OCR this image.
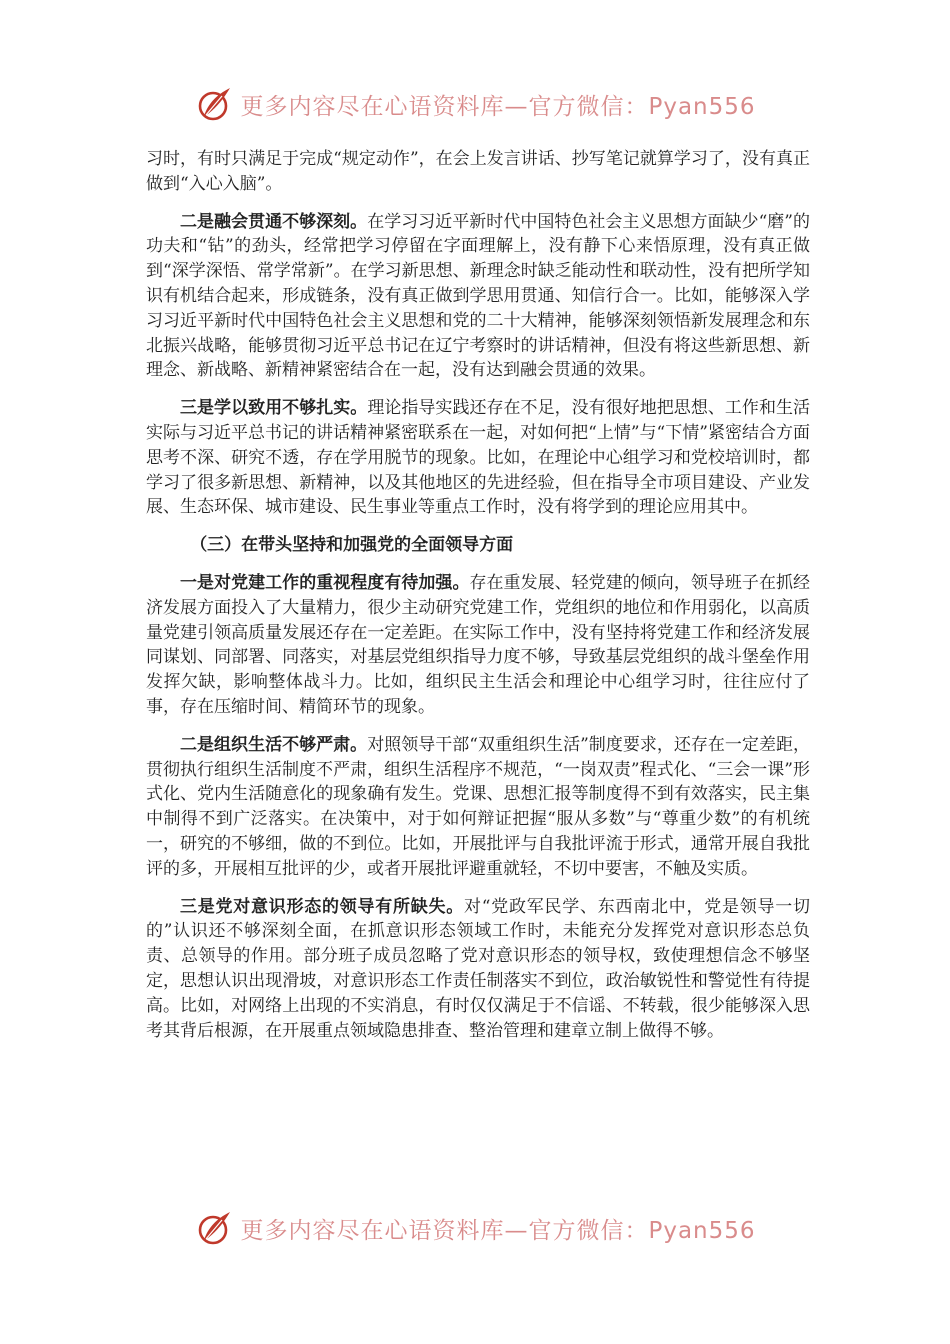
更多内容尽在心语资料库—官方微信：Pyan556

习时，有时只满足于完成“规定动作”，在会上发言讲话、抄写笔记就算学习了，没有真正做到“入心入脑”。

二是融会贯通不够深刻。在学习习近平新时代中国特色社会主义思想方面缺少“磨”的功夫和“钻”的劲头，经常把学习停留在字面理解上，没有静下心来悟原理，没有真正做到“深学深悟、常学常新”。在学习新思想、新理念时缺乏能动性和联动性，没有把所学知识有机结合起来，形成链条，没有真正做到学思用贯通、知信行合一。比如，能够深入学习习近平新时代中国特色社会主义思想和党的二十大精神，能够深刻领悟新发展理念和东北振兴战略，能够贯彻习近平总书记在辽宁考察时的讲话精神，但没有将这些新思想、新理念、新战略、新精神紧密结合在一起，没有达到融会贯通的效果。

三是学以致用不够扎实。理论指导实践还存在不足，没有很好地把思想、工作和生活实际与习近平总书记的讲话精神紧密联系在一起，对如何把“上情”与“下情”紧密结合方面思考不深、研究不透，存在学用脱节的现象。比如，在理论中心组学习和党校培训时，都学习了很多新思想、新精神，以及其他地区的先进经验，但在指导全市项目建设、产业发展、生态环保、城市建设、民生事业等重点工作时，没有将学到的理论应用其中。

（三）在带头坚持和加强党的全面领导方面

一是对党建工作的重视程度有待加强。存在重发展、轻党建的倾向，领导班子在抓经济发展方面投入了大量精力，很少主动研究党建工作，党组织的地位和作用弱化，以高质量党建引领高质量发展还存在一定差距。在实际工作中，没有坚持将党建工作和经济发展同谋划、同部署、同落实，对基层党组织指导力度不够，导致基层党组织的战斗堡垒作用发挥欠缺，影响整体战斗力。比如，组织民主生活会和理论中心组学习时，往往应付了事，存在压缩时间、精简环节的现象。

二是组织生活不够严肃。对照领导干部“双重组织生活”制度要求，还存在一定差距，贯彻执行组织生活制度不严肃，组织生活程序不规范，“一岗双责”程式化、“三会一课”形式化、党内生活随意化的现象确有发生。党课、思想汇报等制度得不到有效落实，民主集中制得不到广泛落实。在决策中，对于如何辩证把握“服从多数”与“尊重少数”的有机统一，研究的不够细，做的不到位。比如，开展批评与自我批评流于形式，通常开展自我批评的多，开展相互批评的少，或者开展批评避重就轻，不切中要害，不触及实质。

三是党对意识形态的领导有所缺失。对“党政军民学、东西南北中，党是领导一切的”认识还不够深刻全面，在抓意识形态领域工作时，未能充分发挥党对意识形态总负责、总领导的作用。部分班子成员忽略了党对意识形态的领导权，致使理想信念不够坚定，思想认识出现滑坡，对意识形态工作责任制落实不到位，政治敏锐性和警觉性有待提高。比如，对网络上出现的不实消息，有时仅仅满足于不信谣、不转载，很少能够深入思考其背后根源，在开展重点领域隐患排查、整治管理和建章立制上做得不够。

更多内容尽在心语资料库—官方微信：Pyan556
